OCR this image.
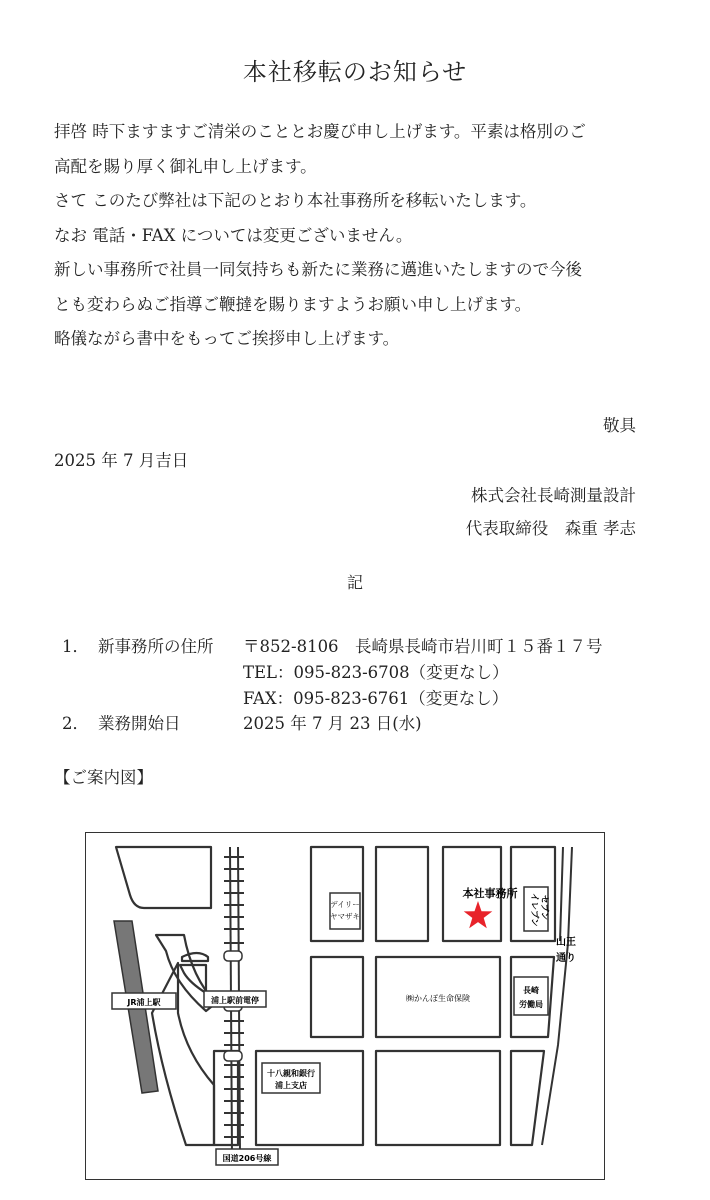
本社移転のお知らせ
拝啓 時下ますますご清栄のこととお慶び申し上げます。平素は格別のご
高配を賜り厚く御礼申し上げます。
さて このたび弊社は下記のとおり本社事務所を移転いたします。
なお 電話・FAX については変更ございません。
新しい事務所で社員一同気持ちも新たに業務に邁進いたしますので今後
とも変わらぬご指導ご鞭撻を賜りますようお願い申し上げます。
略儀ながら書中をもってご挨拶申し上げます。
敬具
2025 年 7 月吉日
株式会社長崎測量設計
代表取締役　森重 孝志
記
1． 新事務所の住所 〒852-8106　長崎県長崎市岩川町１５番１７号
TEL：095-823-6708（変更なし）
FAX：095-823-6761（変更なし）
2． 業務開始日	2025 年 7 月 23 日(水)
【ご案内図】
デイリー
ヤマザキ
本社事務所
セブン
イレブン
山王
通り
㈱かんぽ生命保険
長崎
労働局
JR浦上駅	浦上駅前電停
十八親和銀行
浦上支店
国道206号線
